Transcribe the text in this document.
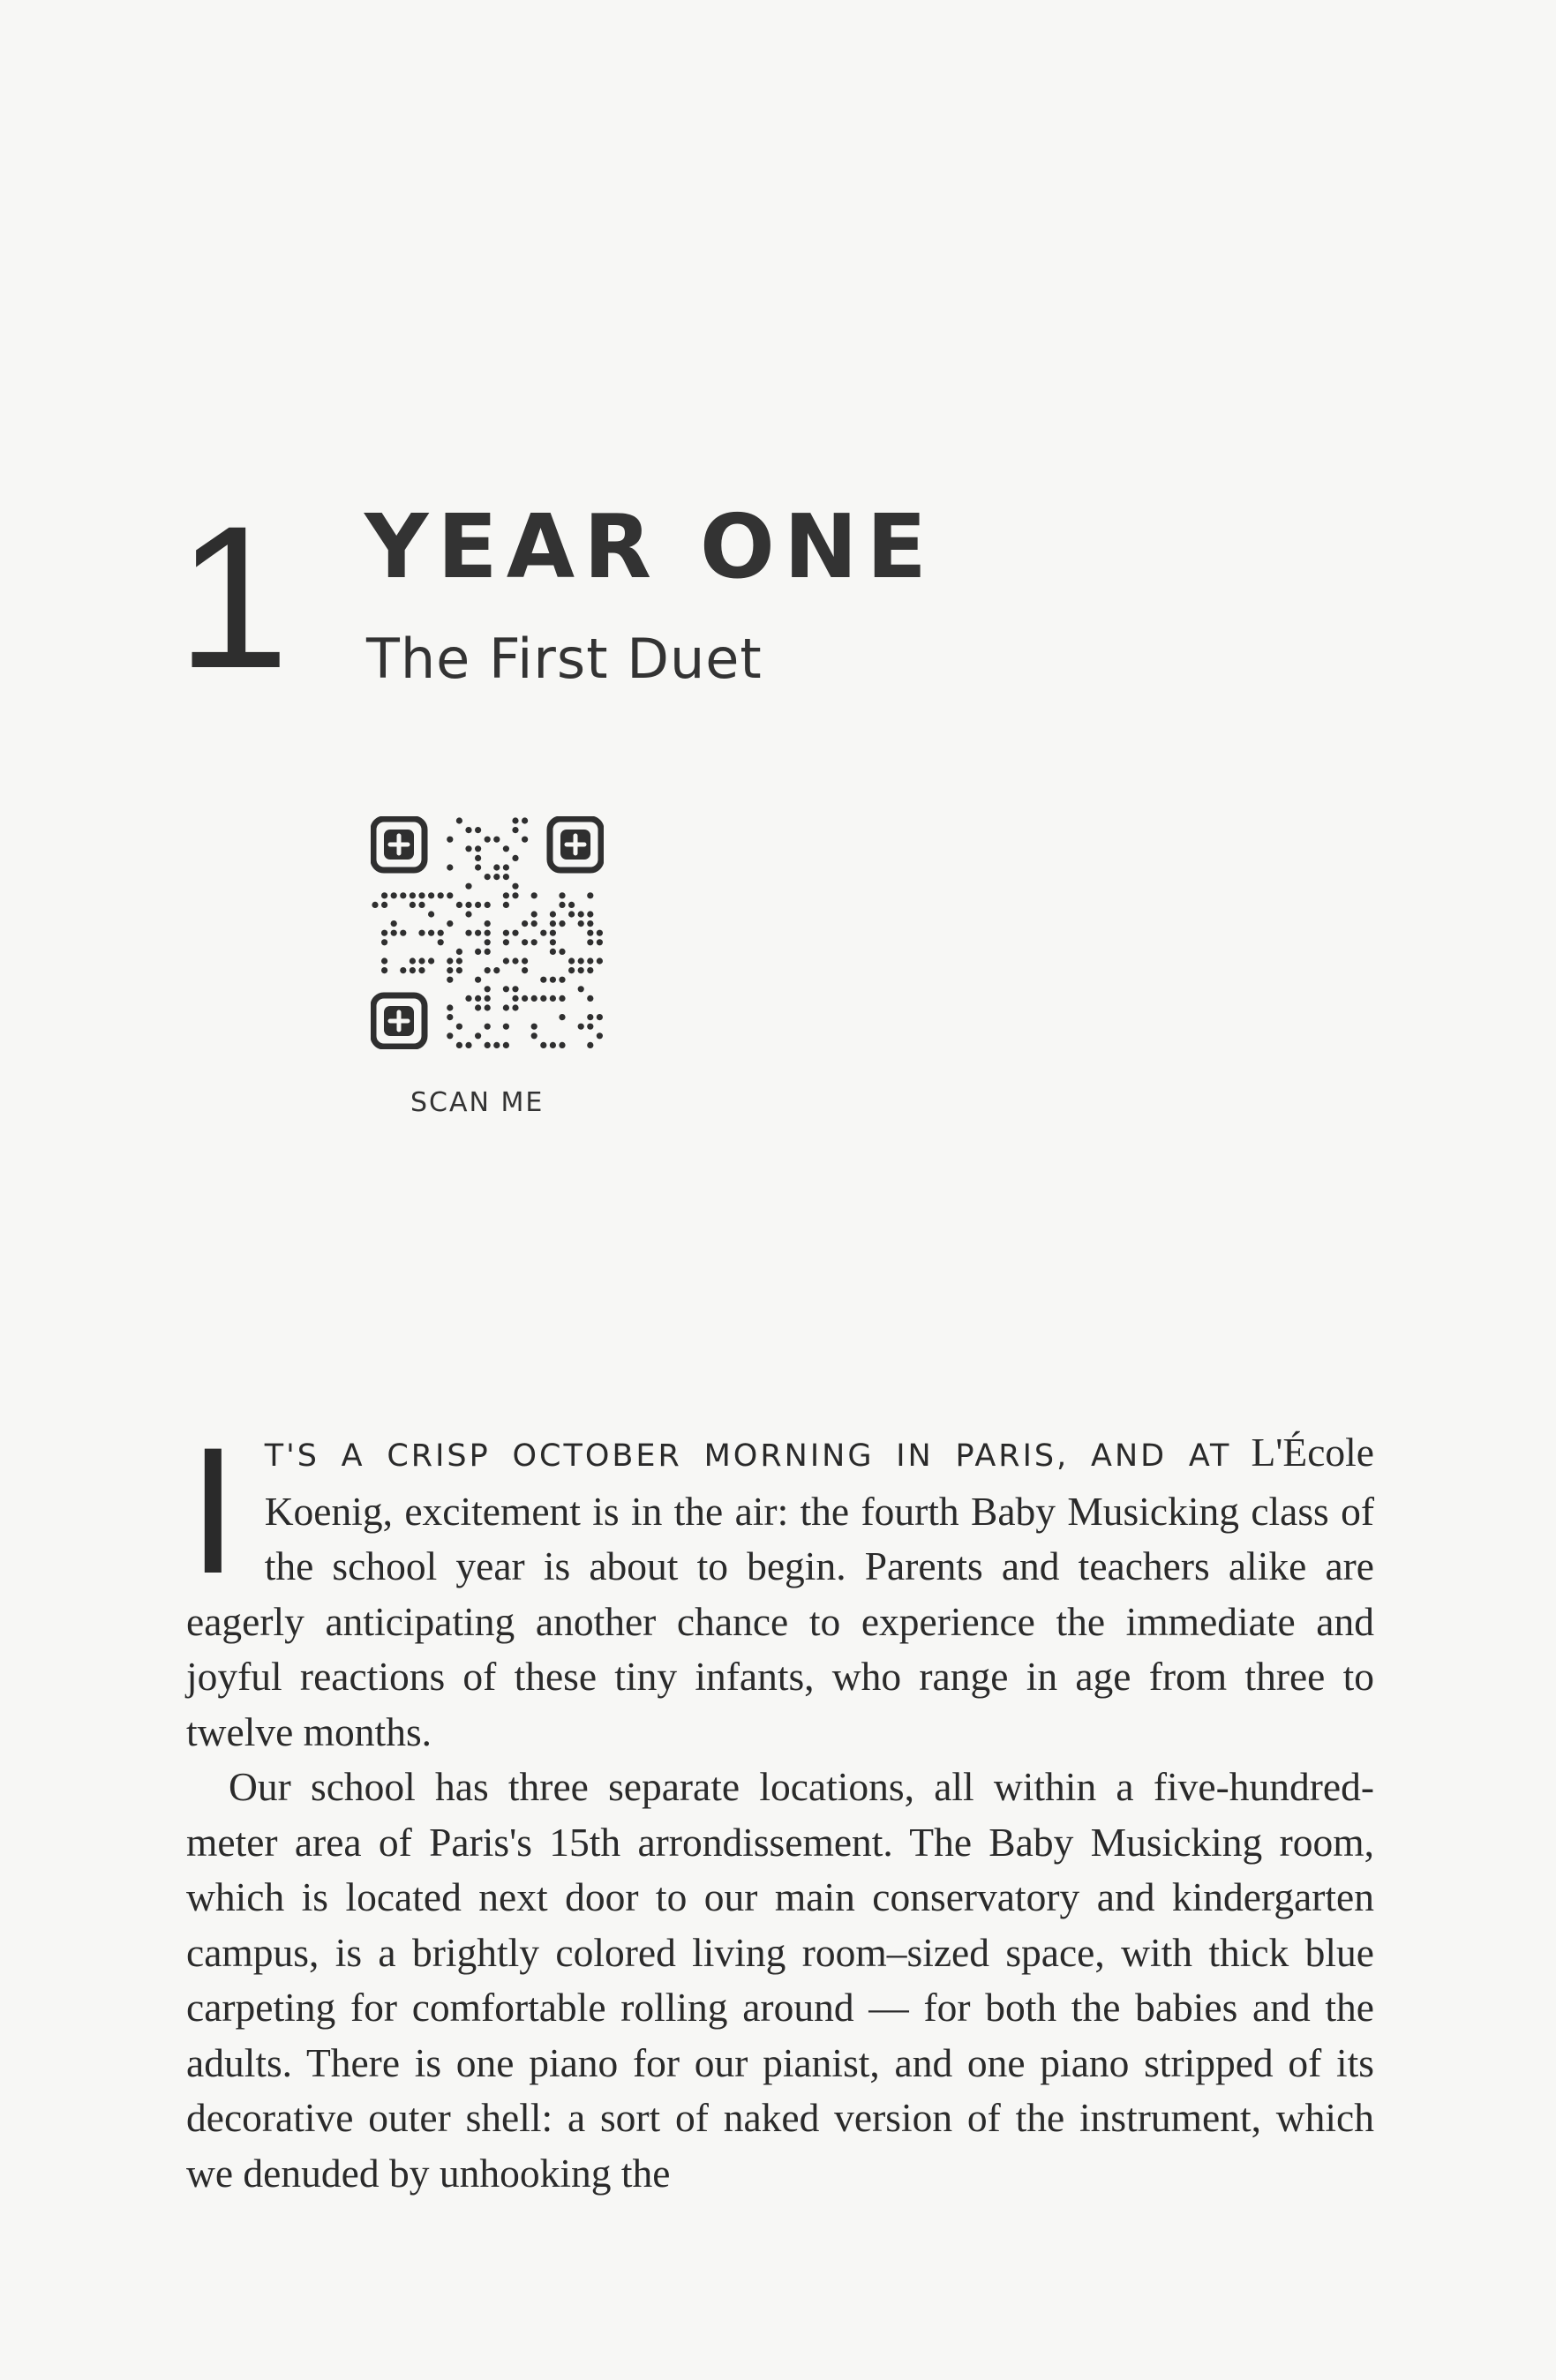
1 YEAR ONE
The First Duet
SCAN ME

I T'S A CRISP OCTOBER MORNING IN PARIS, AND AT L'École Koenig, excitement is in the air: the fourth Baby Musicking class of the school year is about to begin. Parents and teachers alike are eagerly anticipating another chance to experience the immediate and joyful reactions of these tiny infants, who range in age from three to twelve months.

Our school has three separate locations, all within a five-hundred-meter area of Paris's 15th arrondissement. The Baby Musicking room, which is located next door to our main conservatory and kindergarten campus, is a brightly colored living room–sized space, with thick blue carpeting for comfortable rolling around — for both the babies and the adults. There is one piano for our pianist, and one piano stripped of its decorative outer shell: a sort of naked version of the instrument, which we denuded by unhooking the
